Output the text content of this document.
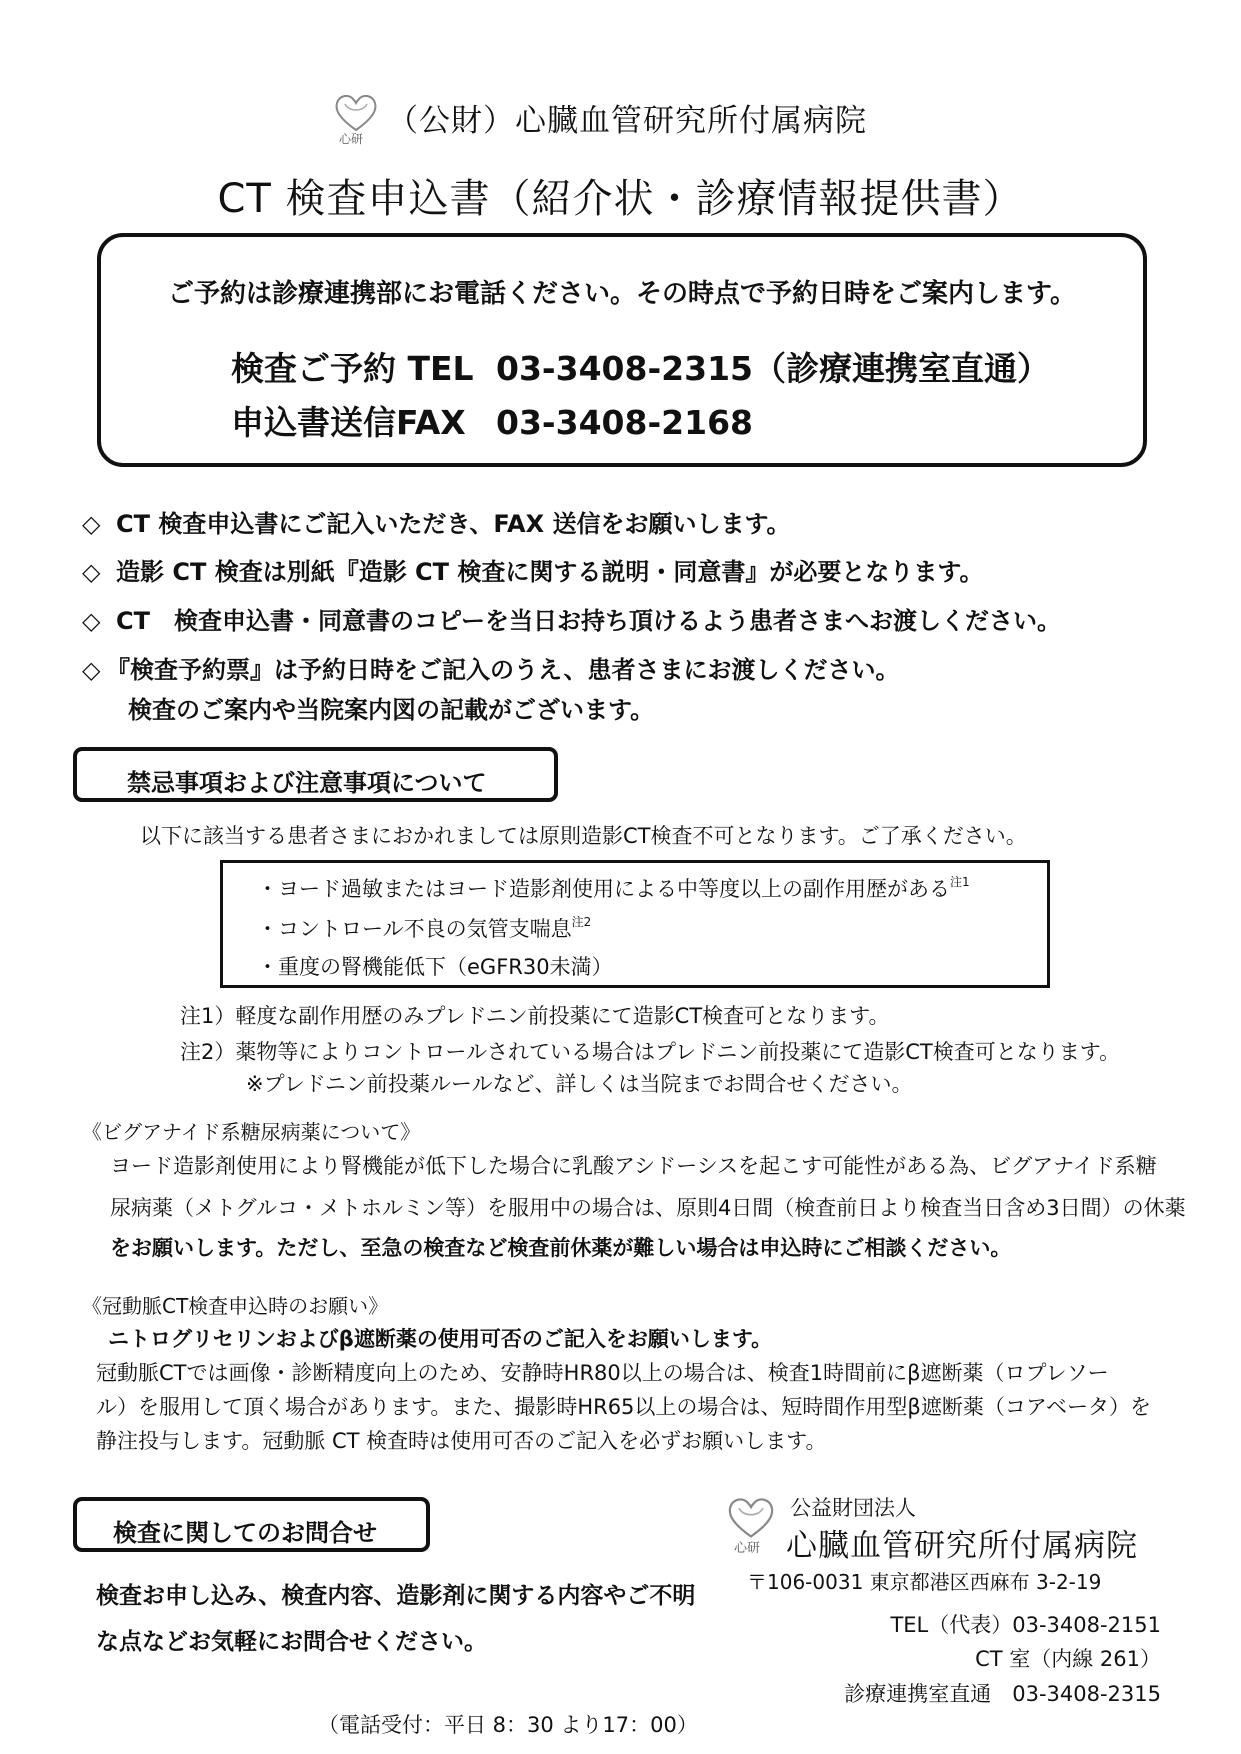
心研 （公財）心臓血管研究所付属病院
CT 検査申込書（紹介状・診療情報提供書）
ご予約は診療連携部にお電話ください。その時点で予約日時をご案内します。
検査ご予約 TEL 03-3408-2315（診療連携室直通）
申込書送信FAX 03-3408-2168
◇ CT 検査申込書にご記入いただき、FAX 送信をお願いします。
◇ 造影 CT 検査は別紙『造影 CT 検査に関する説明・同意書』が必要となります。
◇ CT　検査申込書・同意書のコピーを当日お持ち頂けるよう患者さまへお渡しください。
◇ 『検査予約票』は予約日時をご記入のうえ、患者さまにお渡しください。
検査のご案内や当院案内図の記載がございます。
禁忌事項および注意事項について
以下に該当する患者さまにおかれましては原則造影CT検査不可となります。ご了承ください。
・ヨード過敏またはヨード造影剤使用による中等度以上の副作用歴がある$^{注1}$
・コントロール不良の気管支喘息$^{注2}$
・重度の腎機能低下（eGFR30未満）
注1）軽度な副作用歴のみプレドニン前投薬にて造影CT検査可となります。
注2）薬物等によりコントロールされている場合はプレドニン前投薬にて造影CT検査可となります。
※プレドニン前投薬ルールなど、詳しくは当院までお問合せください。
《ビグアナイド系糖尿病薬について》
ヨード造影剤使用により腎機能が低下した場合に乳酸アシドーシスを起こす可能性がある為、ビグアナイド系糖
尿病薬（メトグルコ・メトホルミン等）を服用中の場合は、原則4日間（検査前日より検査当日含め3日間）の休薬
をお願いします。ただし、至急の検査など検査前休薬が難しい場合は申込時にご相談ください。
《冠動脈CT検査申込時のお願い》
ニトログリセリンおよびβ遮断薬の使用可否のご記入をお願いします。
冠動脈CTでは画像・診断精度向上のため、安静時HR80以上の場合は、検査1時間前にβ遮断薬（ロプレソー
ル）を服用して頂く場合があります。また、撮影時HR65以上の場合は、短時間作用型β遮断薬（コアベータ）を
静注投与します。冠動脈 CT 検査時は使用可否のご記入を必ずお願いします。
検査に関してのお問合せ
検査お申し込み、検査内容、造影剤に関する内容やご不明
な点などお気軽にお問合せください。
（電話受付：平日 8：30 より17：00）
心研
公益財団法人
心臓血管研究所付属病院
〒106-0031 東京都港区西麻布 3-2-19
TEL（代表）03-3408-2151
CT 室（内線 261）
診療連携室直通　03-3408-2315
